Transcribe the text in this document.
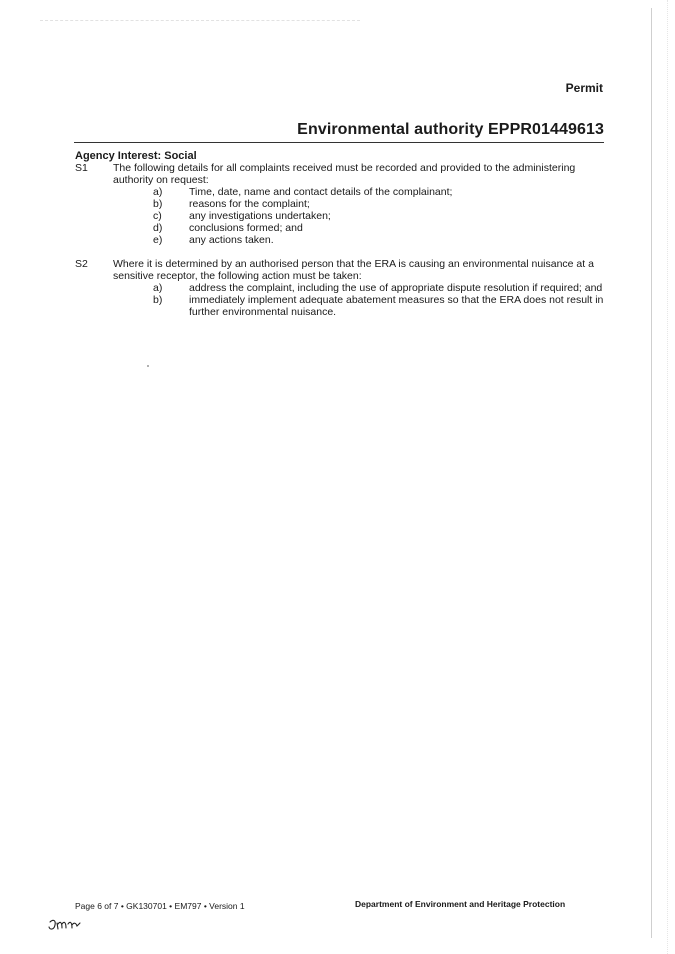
Permit
Environmental authority EPPR01449613
Agency Interest: Social
S1 The following details for all complaints received must be recorded and provided to the administering authority on request:
a)	Time, date, name and contact details of the complainant;
b)	reasons for the complaint;
c)	any investigations undertaken;
d)	conclusions formed; and
e)	any actions taken.
S2 Where it is determined by an authorised person that the ERA is causing an environmental nuisance at a sensitive receptor, the following action must be taken:
a)	address the complaint, including the use of appropriate dispute resolution if required; and
b)	immediately implement adequate abatement measures so that the ERA does not result in further environmental nuisance.
Page 6 of 7 • GK130701 • EM797 • Version 1	Department of Environment and Heritage Protection
